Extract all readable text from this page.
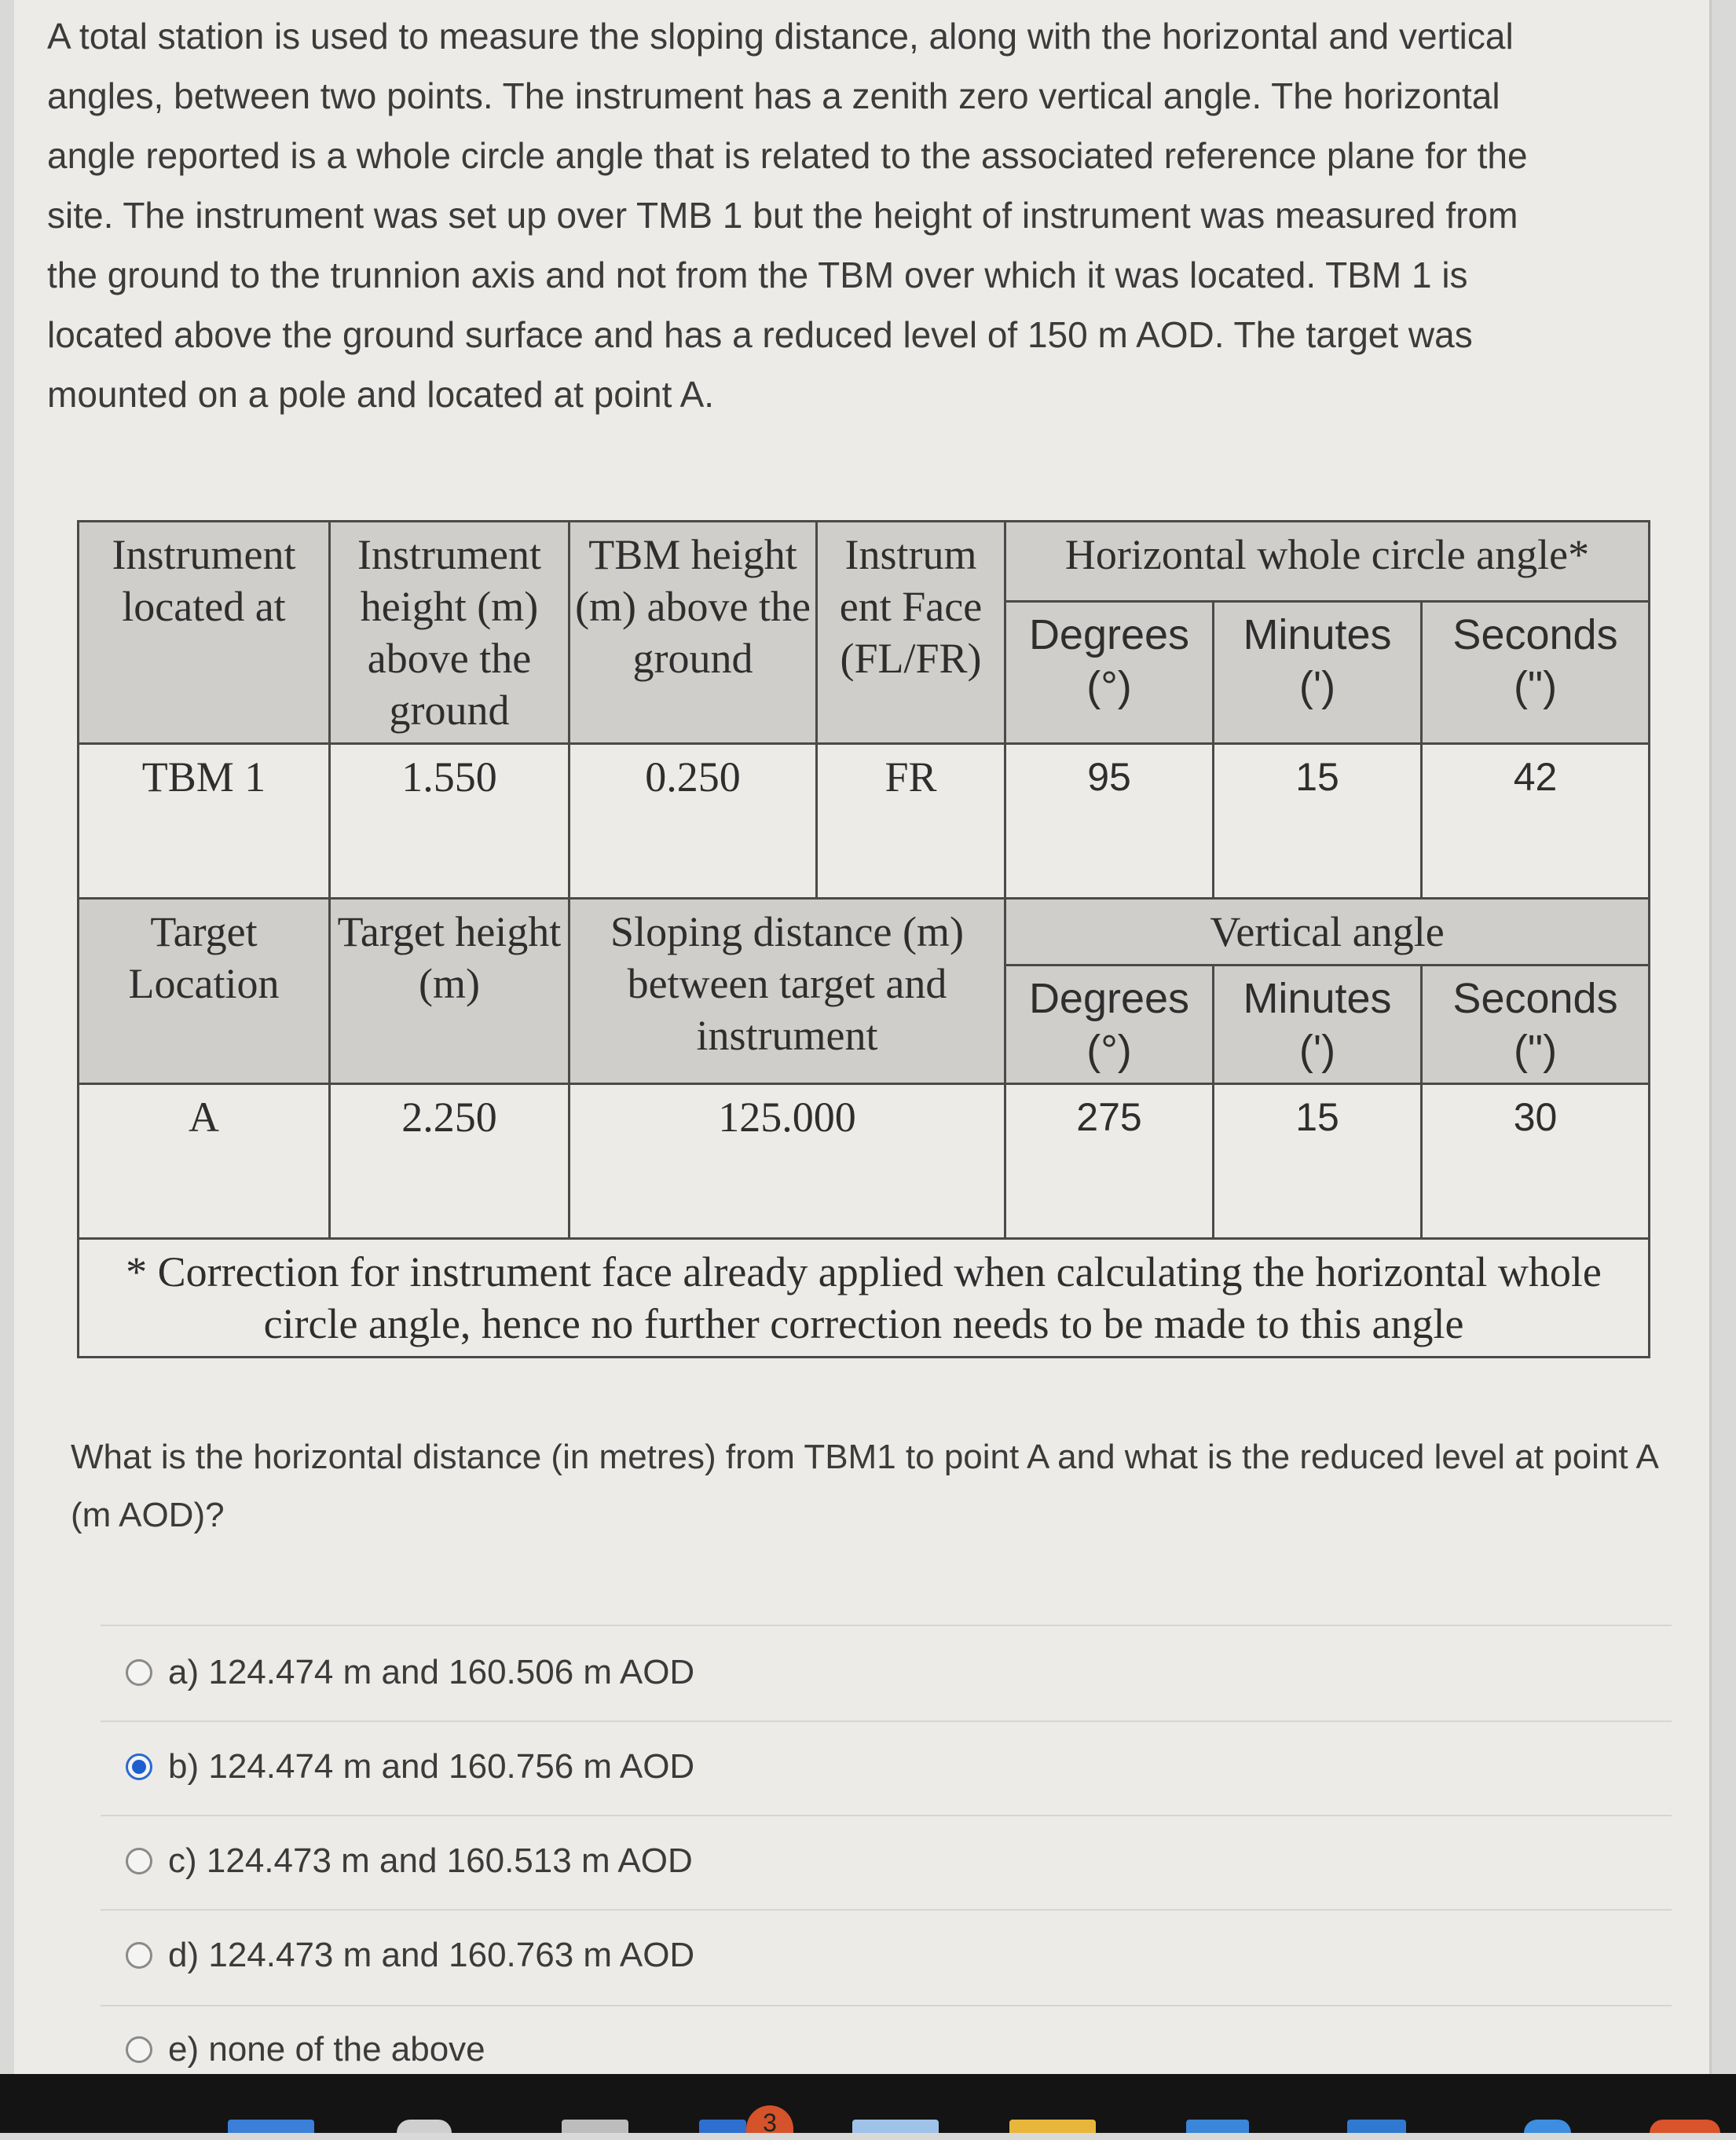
A total station is used to measure the sloping distance, along with the horizontal and vertical
angles, between two points. The instrument has a zenith zero vertical angle. The horizontal
angle reported is a whole circle angle that is related to the associated reference plane for the
site. The instrument was set up over TMB 1 but the height of instrument was measured from
the ground to the trunnion axis and not from the TBM over which it was located. TBM 1 is
located above the ground surface and has a reduced level of 150 m AOD. The target was
mounted on a pole and located at point A.
Instrument located at	Instrument height (m) above the ground	TBM height (m) above the ground	Instrum ent Face (FL/FR)	Horizontal whole circle angle*		
				Degrees (°)	Minutes (')	Seconds (")
TBM 1	1.550	0.250	FR	95	15	42
Target Location	Target height (m)	Sloping distance (m) between target and instrument		Vertical angle		
				Degrees (°)	Minutes (')	Seconds (")
A	2.250	125.000		275	15	30
* Correction for instrument face already applied when calculating the horizontal whole circle angle, hence no further correction needs to be made to this angle						
What is the horizontal distance (in metres) from TBM1 to point A and what is the reduced level at point A (m AOD)?
a) 124.474 m and 160.506 m AOD
b) 124.474 m and 160.756 m AOD
c) 124.473 m and 160.513 m AOD
d) 124.473 m and 160.763 m AOD
e) none of the above
3
